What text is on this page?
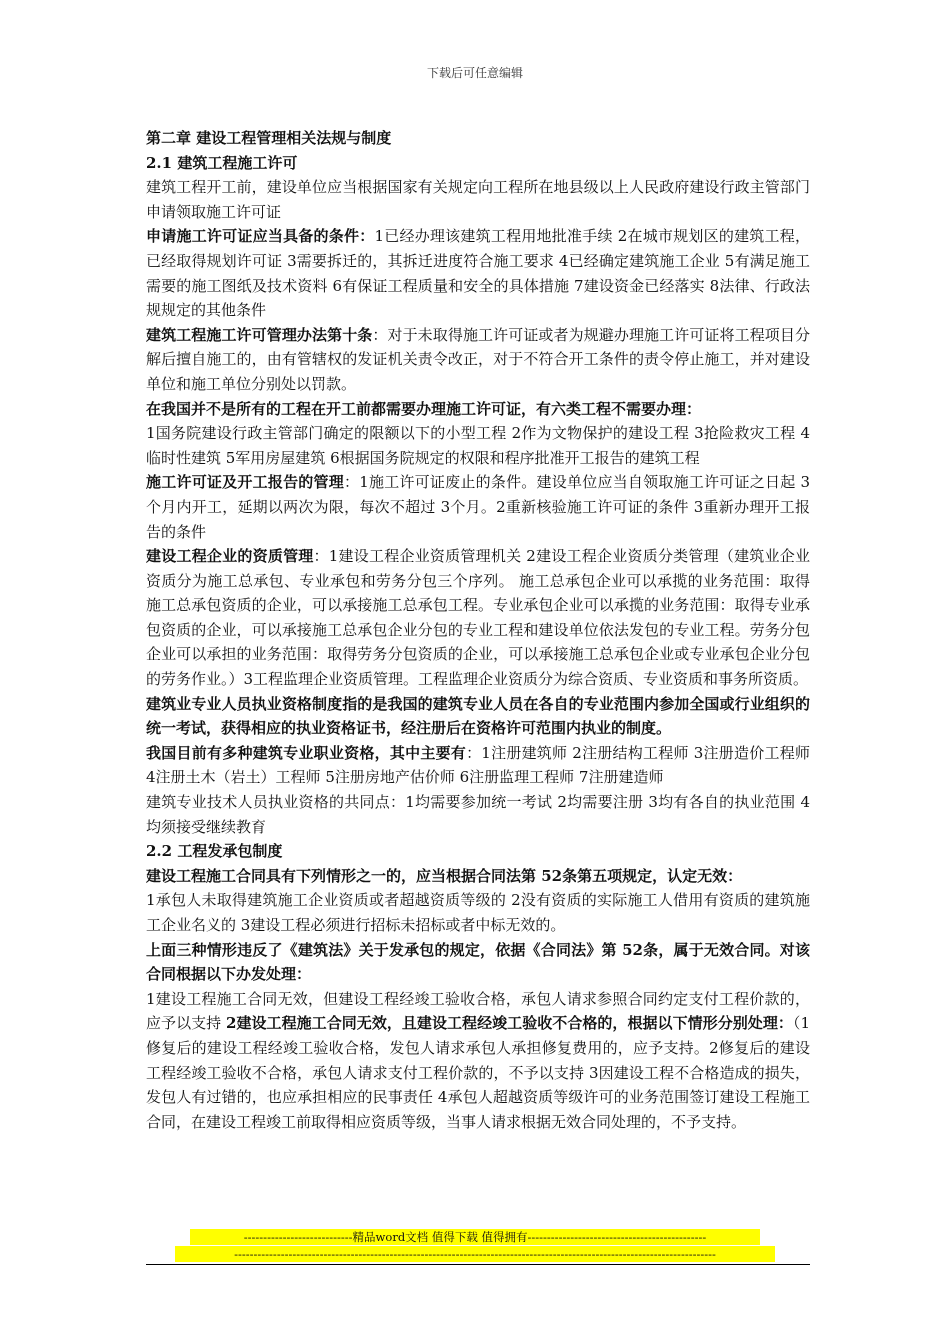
下载后可任意编辑

第二章 建设工程管理相关法规与制度

2.1 建筑工程施工许可

建筑工程开工前，建设单位应当根据国家有关规定向工程所在地县级以上人民政府建设行政主管部门申请领取施工许可证

申请施工许可证应当具备的条件：1已经办理该建筑工程用地批准手续 2在城市规划区的建筑工程，已经取得规划许可证 3需要拆迁的，其拆迁进度符合施工要求 4已经确定建筑施工企业 5有满足施工需要的施工图纸及技术资料 6有保证工程质量和安全的具体措施 7建设资金已经落实 8法律、行政法规规定的其他条件

建筑工程施工许可管理办法第十条：对于未取得施工许可证或者为规避办理施工许可证将工程项目分解后擅自施工的，由有管辖权的发证机关责令改正，对于不符合开工条件的责令停止施工，并对建设单位和施工单位分别处以罚款。

在我国并不是所有的工程在开工前都需要办理施工许可证，有六类工程不需要办理：

1国务院建设行政主管部门确定的限额以下的小型工程 2作为文物保护的建设工程 3抢险救灾工程 4临时性建筑 5军用房屋建筑 6根据国务院规定的权限和程序批准开工报告的建筑工程

施工许可证及开工报告的管理：1施工许可证废止的条件。建设单位应当自领取施工许可证之日起 3个月内开工，延期以两次为限，每次不超过 3个月。2重新核验施工许可证的条件 3重新办理开工报告的条件

建设工程企业的资质管理：1建设工程企业资质管理机关 2建设工程企业资质分类管理（建筑业企业资质分为施工总承包、专业承包和劳务分包三个序列。 施工总承包企业可以承揽的业务范围：取得施工总承包资质的企业，可以承接施工总承包工程。专业承包企业可以承揽的业务范围：取得专业承包资质的企业，可以承接施工总承包企业分包的专业工程和建设单位依法发包的专业工程。劳务分包企业可以承担的业务范围：取得劳务分包资质的企业，可以承接施工总承包企业或专业承包企业分包的劳务作业。）3工程监理企业资质管理。工程监理企业资质分为综合资质、专业资质和事务所资质。

建筑业专业人员执业资格制度指的是我国的建筑专业人员在各自的专业范围内参加全国或行业组织的统一考试，获得相应的执业资格证书，经注册后在资格许可范围内执业的制度。

我国目前有多种建筑专业职业资格，其中主要有：1注册建筑师 2注册结构工程师 3注册造价工程师 4注册土木（岩土）工程师 5注册房地产估价师 6注册监理工程师 7注册建造师

建筑专业技术人员执业资格的共同点：1均需要参加统一考试 2均需要注册 3均有各自的执业范围 4均须接受继续教育

2.2 工程发承包制度

建设工程施工合同具有下列情形之一的，应当根据合同法第 52条第五项规定，认定无效：

1承包人未取得建筑施工企业资质或者超越资质等级的 2没有资质的实际施工人借用有资质的建筑施工企业名义的 3建设工程必须进行招标未招标或者中标无效的。

上面三种情形违反了《建筑法》关于发承包的规定，依据《合同法》第 52条，属于无效合同。对该合同根据以下办发处理：

1建设工程施工合同无效，但建设工程经竣工验收合格，承包人请求参照合同约定支付工程价款的，应予以支持 2建设工程施工合同无效，且建设工程经竣工验收不合格的，根据以下情形分别处理：（1修复后的建设工程经竣工验收合格，发包人请求承包人承担修复费用的，应予支持。2修复后的建设工程经竣工验收不合格，承包人请求支付工程价款的，不予以支持 3因建设工程不合格造成的损失，发包人有过错的，也应承担相应的民事责任 4承包人超越资质等级许可的业务范围签订建设工程施工合同，在建设工程竣工前取得相应资质等级，当事人请求根据无效合同处理的，不予支持。

----------------------------精品word文档 值得下载 值得拥有----------------------------------------------
----------------------------------------------------------------------------------------------------------------------------
